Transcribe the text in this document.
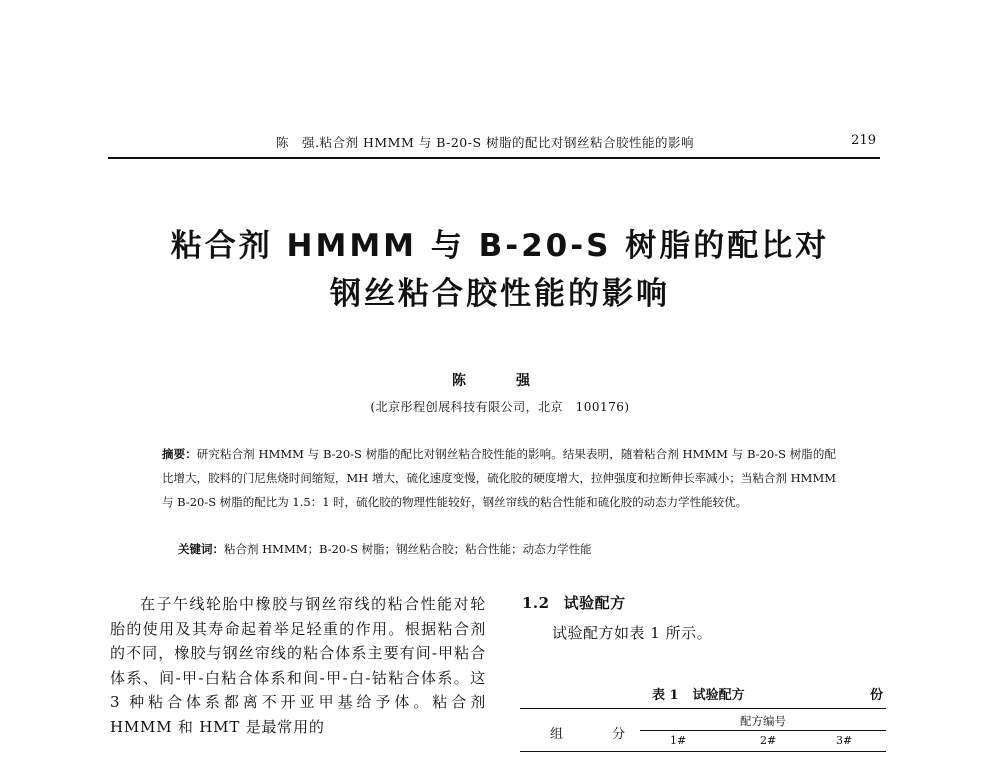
陈　强.粘合剂 HMMM 与 B-20-S 树脂的配比对钢丝粘合胶性能的影响	219
粘合剂 HMMM 与 B-20-S 树脂的配比对
钢丝粘合胶性能的影响
陈　强
(北京彤程创展科技有限公司，北京　100176)
摘要：研究粘合剂 HMMM 与 B-20-S 树脂的配比对钢丝粘合胶性能的影响。结果表明，随着粘合剂 HMMM 与 B-20-S 树脂的配比增大，胶料的门尼焦烧时间缩短，MH 增大，硫化速度变慢，硫化胶的硬度增大，拉伸强度和拉断伸长率减小；当粘合剂 HMMM 与 B-20-S 树脂的配比为 1.5：1 时，硫化胶的物理性能较好，钢丝帘线的粘合性能和硫化胶的动态力学性能较优。
关键词：粘合剂 HMMM；B-20-S 树脂；钢丝粘合胶；粘合性能；动态力学性能
在子午线轮胎中橡胶与钢丝帘线的粘合性能对轮胎的使用及其寿命起着举足轻重的作用。根据粘合剂的不同，橡胶与钢丝帘线的粘合体系主要有间-甲粘合体系、间-甲-白粘合体系和间-甲-白-钴粘合体系。这 3 种粘合体系都离不开亚甲基给予体。粘合剂 HMMM 和 HMT 是最常用的
1.2 试验配方
试验配方如表 1 所示。
表 1 试验配方	份
组　分
配方编号
1#	2#	3#
